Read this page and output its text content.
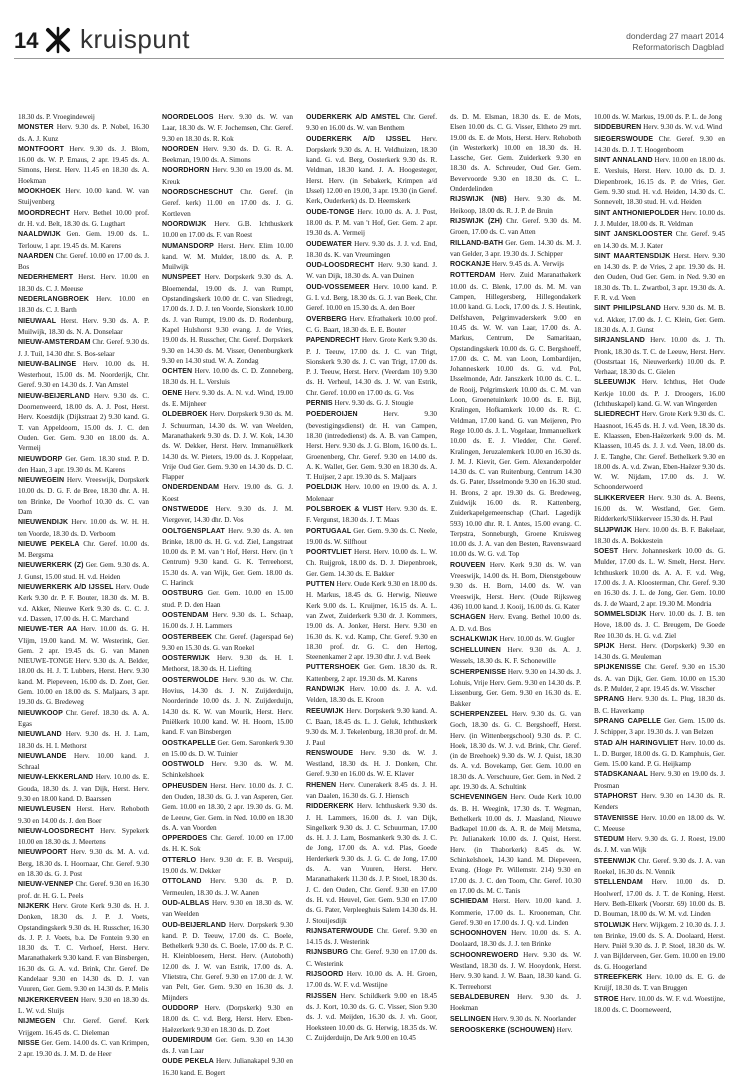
14 kruispunt	donderdag 27 maart 2014
Reformatorisch Dagblad

18.30 ds. P. Vroegindeweij

MONSTER Herv. 9.30 ds. P. Nobel, 16.30 ds. A. J. Kunz

MONTFOORT Herv. 9.30 ds. J. Blom, 16.00 ds. W. P. Emaus, 2 apr. 19.45 ds. A. Simons, Herst. Herv. 11.45 en 18.30 ds. A. Hoekman

MOOKHOEK Herv. 10.00 kand. W. van Stuijvenberg

MOORDRECHT Herv. Bethel 10.00 prof. dr. H. v.d. Belt, 18.30 ds. G. Lugthart

NAALDWIJK Gen. Gem. 19.00 ds. L. Terlouw, 1 apr. 19.45 ds. M. Karens

NAARDEN Chr. Geref. 10.00 en 17.00 ds. J. Bos

NEDERHEMERT Herst. Herv. 10.00 en 18.30 ds. C. J. Meeuse

NEDERLANGBROEK Herv. 10.00 en 18.30 ds. C. J. Barth

NIEUWAAL Herst. Herv. 9.30 ds. A. P. Muilwijk, 18.30 ds. N. A. Donselaar

NIEUW-AMSTERDAM Chr. Geref. 9.30 ds. J. J. Tuil, 14.30 dhr. S. Bos-selaar

NIEUW-BALINGE Herv. 10.00 ds. H. Westerhout, 15.00 ds. M. Noorderijk, Chr. Geref. 9.30 en 14.30 ds. J. Van Amstel

NIEUW-BEIJERLAND Herv. 9.30 ds. C. Doornenweerd, 18.00 ds. A. J. Post, Herst. Herv. Koestdijk (Dijkstraat 2) 9.30 kand. G. T. van Appeldoorn, 15.00 ds. J. C. den Ouden. Ger. Gem. 9.30 en 18.00 ds. A. Vermeij

NIEUWDORP Ger. Gem. 18.30 stud. P. D. den Haan, 3 apr. 19.30 ds. M. Karens

NIEUWEGEIN Herv. Vreeswijk, Dorpskerk 10.00 ds. D. G. F. de Bree, 18.30 dhr. A. H. ten Brinke, De Voorhof 10.30 ds. C. van Dam

NIEUWENDIJK Herv. 10.00 ds. W. H. H. ten Voorde, 18.30 ds. D. Verboom

NIEUWE PEKELA Chr. Geref. 10.00 ds. M. Bergsma

NIEUWERKERK (Z) Ger. Gem. 9.30 ds. A. J. Gunst, 15.00 stud. H. v.d. Heiden

NIEUWERKERK A/D IJSSEL Herv. Oude Kerk 9.30 dr. P. F. Bouter, 18.30 ds. M. B. v.d. Akker, Nieuwe Kerk 9.30 ds. C. C. J. v.d. Dassen, 17.00 ds. H. C. Marchand

NIEUWE-TER AA Herv. 10.00 ds. G. H. Vlijm, 19.00 kand. M. W. Westerink, Ger. Gem. 2 apr. 19.45 ds. G. van Manen NIEUWE-TONGE Herv. 9.30 ds. A. Belder, 18.00 ds. H. J. T. Lubbers, Herst. Herv. 9.30 kand. M. Piepeveen, 16.00 ds. D. Zoet, Ger. Gem. 10.00 en 18.00 ds. S. Maljaars, 3 apr. 19.30 ds. G. Bredeweg

NIEUWKOOP Chr. Geref. 18.30 ds. A. A. Egas

NIEUWLAND Herv. 9.30 ds. H. J. Lam, 18.30 ds. H. I. Methorst

NIEUWLANDE Herv. 10.00 kand. J. Schraal

NIEUW-LEKKERLAND Herv. 10.00 ds. E. Gouda, 18.30 ds. J. van Dijk, Herst. Herv. 9.30 en 18.00 kand. D. Baarssen

NIEUWLEUSEN Herst. Herv. Rehoboth 9.30 en 14.00 ds. J. den Boer

NIEUW-LOOSDRECHT Herv. Sypekerk 10.00 en 18.30 ds. J. Meertens

NIEUWPOORT Herv. 9.30 ds. M. A. v.d. Berg, 18.30 ds. I. Hoornaar, Chr. Geref. 9.30 en 18.30 ds. G. J. Post

NIEUW-VENNEP Chr. Geref. 9.30 en 16.30 prof. dr. H. G. L. Peels

NIJKERK Herv. Grote Kerk 9.30 ds. H. J. Donken, 18.30 ds. J. P. J. Voets, Opstandingskerk 9.30 ds. H. Russcher, 16.30 ds. J. P. J. Voets, b.a. De Fontein 9.30 en 18.30 ds. T. C. Verhoef, Herst. Herv. Maranathakerk 9.30 kand. F. van Binsbergen, 16.30 ds. G. A. v.d. Brink, Chr. Geref. De Kandelaar 9.30 en 14.30 ds. D. J. van Vuuren, Ger. Gem. 9.30 en 14.30 ds. P. Melis

NIJKERKERVEEN Herv. 9.30 en 18.30 ds. L. W. v.d. Sluijs

NIJMEGEN Chr. Geref. Geref. Kerk Vrijgem. 16.45 ds. C. Dieleman

NISSE Ger. Gem. 14.00 ds. C. van Krimpen, 2 apr. 19.30 ds. J. M. D. de Heer

NOORDELOOS Herv. 9.30 ds. W. van Laar, 18.30 ds. W. F. Jochemsen, Chr. Geref. 9.30 en 18.30 ds. R. Kok

NOORDEN Herv. 9.30 ds. D. G. R. A. Beekman, 19.00 ds. A. Simons

NOORDHORN Herv. 9.30 en 19.00 ds. M. Kreuk

NOORDSCHESCHUT Chr. Geref. (in Geref. kerk) 11.00 en 17.00 ds. J. G. Kortleven

NOORDWIJK Herv. G.B. Ichthuskerk 10.00 en 17.00 ds. F. van Roest

NUMANSDORP Herst. Herv. Elim 10.00 kand. W. M. Mulder, 18.00 ds. A. P. Muilwijk

NUNSPEET Herv. Dorpskerk 9.30 ds. A. Bloemendal, 19.00 ds. J. van Rumpt, Opstandingskerk 10.00 dr. C. van Sliedregt, 17.00 ds. J. D. J. ten Voorde, Sionskerk 10.00 ds. J. van Rumpt, 19.00 ds. D. Rodenburg, Kapel Hulshorst 9.30 evang. J. de Vries, 19.00 ds. H. Russcher, Chr. Geref. Dorpskerk 9.30 en 14.30 ds. M. Visser, Oenenburgkerk 9.30 en 14.30 stud. W. A. Zondag

OCHTEN Herv. 10.00 ds. C. D. Zonneberg, 18.30 ds. H. L. Versluis

OENE Herv. 9.30 ds. A. N. v.d. Wind, 19.00 ds. E. Mijnheer

OLDEBROEK Herv. Dorpskerk 9.30 ds. M. J. Schuurman, 14.30 ds. W. van Weelden, Maranathakerk 9.30 ds. D. J. W. Kok, 14.30 ds. W. Dekker, Herst. Herv. Immanuëlkerk 14.30 ds. W. Pieters, 19.00 ds. J. Koppelaar, Vrije Oud Ger. Gem. 9.30 en 14.30 ds. D. C. Flapper

ONDERDENDAM Herv. 19.00 ds. G. J. Koest

ONSTWEDDE Herv. 9.30 ds. J. M. Viergever, 14.30 dhr. D. Vos

OOLTGENSPLAAT Herv. 9.30 ds. A. ten Brinke, 18.00 ds. H. G. v.d. Ziel, Langstraat 10.00 ds. P. M. van 't Hof, Herst. Herv. (in 't Centrum) 9.30 kand. G. K. Terreehorst, 15.30 ds. A. van Wijk, Ger. Gem. 18.00 ds. C. Harinck

OOSTBURG Ger. Gem. 10.00 en 15.00 stud. P. D. den Haan

OOSTENDAM Herv. 9.30 ds. L. Schaap, 16.00 ds. J. H. Lammers

OOSTERBEEK Chr. Geref. (Jagerspad 6e) 9.30 en 15.30 ds. G. van Roekel

OOSTERWIJK Herv. 9.30 ds. H. I. Methorst, 18.30 ds. H. Liefting

OOSTERWOLDE Herv. 9.30 ds. W. Chr. Hovius, 14.30 ds. J. N. Zuijderduijn, Noorderinde 10.00 ds. J. N. Zuijderduijn, 14.30 ds. K. W. van Mourik, Herst. Herv. Pniëlkerk 10.00 kand. W. H. Hoorn, 15.00 kand. F. van Binsbergen

OOSTKAPELLE Ger. Gem. Saronkerk 9.30 en 15.00 ds. D. W. Tuinier

OOSTWOLD Herv. 9.30 ds. W. M. Schinkelshoek

OPHEUSDEN Herst. Herv. 10.00 ds. J. C. den Ouden, 18.30 ds. G. J. van Asperen, Ger. Gem. 10.00 en 18.30, 2 apr. 19.30 ds. G. M. de Leeuw, Ger. Gem. in Ned. 10.00 en 18.30 ds. A. van Voorden

OPPERDOES Chr. Geref. 10.00 en 17.00 ds. H. K. Sok

OTTERLO Herv. 9.30 dr. F. B. Verspuij, 19.00 ds. W. Dekker

OTTOLAND Herv. 9.30 ds. P. D. Vermeulen, 18.30 ds. J. W. Aanen

OUD-ALBLAS Herv. 9.30 en 18.30 ds. W. van Weelden

OUD-BEIJERLAND Herv. Dorpskerk 9.30 kand. P. D. Teeuw, 17.00 ds. C. Boele, Bethelkerk 9.30 ds. C. Boele, 17.00 ds. P. C. H. Kleinbloesem, Herst. Herv. (Autoboth) 12.00 ds. J. W. van Estrik, 17.00 ds. A. Vlietstra, Chr. Geref. 9.30 en 17.00 dr. J. W. van Pelt, Ger. Gem. 9.30 en 16.30 ds. J. Mijnders

OUDDORP Herv. (Dorpskerk) 9.30 en 18.00 ds. C. v.d. Berg, Herst. Herv. Eben-Haëzerkerk 9.30 en 18.30 ds. D. Zoet

OUDEMIRDUM Ger. Gem. 9.30 en 14.30 ds. J. van Laar

OUDE PEKELA Herv. Julianakapel 9.30 en 16.30 kand. E. Bogert

OUDERKERK A/D AMSTEL Chr. Geref. 9.30 en 16.00 ds. W. van Benthem

OUDERKERK A/D IJSSEL Herv. Dorpskerk 9.30 ds. A. H. Veldhuizen, 18.30 kand. G. v.d. Berg, Oosterkerk 9.30 ds. R. Veldman, 18.30 kand. J. A. Hoogesteger, Herst. Herv. (in Sebakerk, Krimpen a/d IJssel) 12.00 en 19.00, 3 apr. 19.30 (in Geref. Kerk, Ouderkerk) ds. D. Heemskerk

OUDE-TONGE Herv. 10.00 ds. A. J. Post, 18.00 ds. P. M. van 't Hof, Ger. Gem. 2 apr. 19.30 ds. A. Vermeij

OUDEWATER Herv. 9.30 ds. J. J. v.d. End, 18.30 ds. K. van Vreumingen

OUD-LOOSDRECHT Herv. 9.30 kand. J. W. van Dijk, 18.30 ds. A. van Duinen

OUD-VOSSEMEER Herv. 10.00 kand. P. G. I. v.d. Berg, 18.30 ds. G. J. van Beek, Chr. Geref. 10.00 en 15.30 ds. A. den Boer

OVERBERG Herv. Efrathakerk 10.00 prof. C. G. Baart, 18.30 ds. E. E. Bouter

PAPENDRECHT Herv. Grote Kerk 9.30 ds. P. J. Teeuw, 17.00 ds. J. C. van Trigt, Sionskerk 9.30 ds. J. C. van Trigt, 17.00 ds. P. J. Teeuw, Herst. Herv. (Veerdam 10) 9.30 ds. H. Verheul, 14.30 ds. J. W. van Estrik, Chr. Geref. 10.00 en 17.00 ds. G. Vos

PERNIS Herv. 9.30 ds. G. J. Stougie

POEDEROIJEN	Herv. 9.30 (bevestigingsdienst) dr. H. van Campen, 18.30 (intrededienst) ds. A. B. van Campen, Herst. Herv. 9.30 ds. J. G. Blom, 16.00 ds. L. Groenenberg, Chr. Geref. 9.30 en 14.00 ds. A. K. Wallet, Ger. Gem. 9.30 en 18.30 ds. A. T. Huijser, 2 apr. 19.30 ds. S. Maljaars

POELDIJK Herv. 10.00 en 19.00 ds. A. J. Molenaar

POLSBROEK & VLIST Herv. 9.30 ds. E. F. Vergunst, 18.30 ds. J. T. Maas

PORTUGAAL Ger. Gem. 9.30 ds. C. Neele, 19.00 ds. W. Silfhout

POORTVLIET Herst. Herv. 10.00 ds. L. W. Ch. Ruijgrok, 18.00 ds. D. J. Diepenbroek, Ger. Gem. 14.30 ds. E. Bakker

PUTTEN Herv. Oude Kerk 9.30 en 18.00 ds. H. Markus, 18.45 ds. G. Herwig, Nieuwe Kerk 9.00 ds. L. Kruijmer, 16.15 ds. A. L. van Zwet, Zuiderkerk 9.30 dr. J. Kommers, 19.00 ds. A. Jonker, Herst. Herv. 9.30 en 16.30 ds. K. v.d. Kamp, Chr. Geref. 9.30 en 18.30 prof. dr. G. C. den Hertog, Steenenkamer 2 apr. 19.30 dhr. J. v.d. Beek

PUTTERSHOEK Ger. Gem. 18.30 ds. R. Kattenberg, 2 apr. 19.30 ds. M. Karens

RANDWIJK Herv. 10.00 ds. J. A. v.d. Velden, 18.30 ds. E. Kroon

REEUWIJK Herv. Dorpskerk 9.30 kand. A. C. Baan, 18.45 ds. L. J. Geluk, Ichthuskerk 9.30 ds. M. J. Tekelenburg, 18.30 prof. dr. M. J. Paul

RENSWOUDE Herv. 9.30 ds. W. J. Westland, 18.30 ds. H. J. Donken, Chr. Geref. 9.30 en 16.00 ds. W. E. Klaver

RHENEN Herv. Cunerakerk 8.45 ds. J. H. van Daalen, 16.30 ds. G. J. Hiensch

RIDDERKERK Herv. Ichthuskerk 9.30 ds. J. H. Lammers, 16.00 ds. J. van Dijk, Singelkerk 9.30 ds. J. C. Schuurman, 17.00 ds. H. J. J. Lam, Bosmankerk 9.30 ds. J. C. de Jong, 17.00 ds. A. v.d. Plas, Goede Herderkerk 9.30 ds. J. G. C. de Jong, 17.00 ds. A. van Vuuren, Herst. Herv. Maranathakerk 11.30 ds. J. P. Stoel, 18.30 ds. J. C. den Ouden, Chr. Geref. 9.30 en 17.00 ds. H. v.d. Heuvel, Ger. Gem. 9.30 en 17.00 ds. G. Pater, Verpleeghuis Salem 14.30 ds. H. J. Stouijesdijk

RIJNSATERWOUDE Chr. Geref. 9.30 en 14.15 ds. J. Westerink

RIJNSBURG Chr. Geref. 9.30 en 17.00 ds. C. Westerink

RIJSOORD Herv. 10.00 ds. A. H. Groen, 17.00 ds. W. F. v.d. Westijne

RIJSSEN Herv. Schildkerk 9.00 en 18.45 ds. J. Kort, 10.30 ds. G. C. Visser, Sion 9.30 ds. J. v.d. Meijden, 16.30 ds. J. vh. Goor, Hoeksteen 10.00 ds. G. Herwig, 18.35 ds. W. C. Zuijderduijn, De Ark 9.00 en 10.45

ds. D. M. Elsman, 18.30 ds. E. de Mots, Elsen 10.00 ds. C. G. Visser, Eltheto 29 mrt. 19.00 ds. E. de Mots, Herst. Herv. Rehoboth (in Westerkerk) 10.00 en 18.30 ds. H. Lassche, Ger. Gem. Zuiderkerk 9.30 en 18.30 ds. A. Schreuder, Oud Ger. Gem. Bevervoorde 9.30 en 18.30 ds. C. L. Onderdelinden

RIJSWIJK (NB) Herv. 9.30 ds. M. Heikoop, 18.00 ds. R. J. P. de Bruin

RIJSWIJK (ZH) Chr. Geref. 9.30 ds. M. Groen, 17.00 ds. C. van Atten

RILLAND-BATH Ger. Gem. 14.30 ds. M. J. van Gelder, 3 apr. 19.30 ds. J. Schipper

ROCKANJE Herv. 9.45 ds. A. Verwijs

ROTTERDAM Herv. Zuid Maranathakerk 10.00 ds. C. Blenk, 17.00 ds. M. M. van Campen, Hillegersberg, Hillegondakerk 10.00 kand. G. Lock, 17.00 ds. J. S. Heutink, Delfshaven, Pelgrimvaderskerk 9.00 en 10.45 ds. W. W. van Laar, 17.00 ds. A. Markus, Centrum, De Samaritaan, Opstandingskerk 10.00 ds. G. C. Bergshoeff, 17.00 ds. C. M. van Loon, Lombardijen, Johanneskerk 10.00 ds. G. v.d. Pol, IJsselmonde, Adr. Janszkerk 10.00 ds. C. L. de Rooij, Pelgrimskerk 10.00 ds. C. M. van Loon, Groenetuinkerk 10.00 ds. E. Bijl, Kralingen, Hofkamkerk 10.00 ds. R. C. Veldman, 17.00 kand. G. van Meijeren, Pro Rege 10.00 ds. J. L. Vogelaar, Immanuelkerk 10.00 ds. E. J. Vledder, Chr. Geref. Kralingen, Jeruzalemkerk 10.00 en 16.30 ds. J. M. J. Kievit, Ger. Gem. Alexanderpolder 14.30 ds. C. van Ruitenburg, Centrum 14.30 ds. G. Pater, IJsselmonde 9.30 en 16.30 stud. H. Brons, 2 apr. 19.30 ds. G. Bredeweg, Zuidwijk 16.00 ds. R. Kattenberg, Zuiderkapelgemeenschap (Charl. Lagedijk 593) 10.00 dhr. R. I. Antes, 15.00 evang. C. Terpstra, Sonneburgh, Groene Kruisweg 10.00 ds. J. A. van den Besten, Ravenswaard 10.00 ds. W. G. v.d. Top

ROUVEEN Herv. Kerk 9.30 ds. W. van Vreeswijk, 14.00 ds. H. Born, Dienstgebouw 9.30 ds. H. Born, 14.00 ds. W. van Vreeswijk, Herst. Herv. (Oude Rijksweg 436) 10.00 kand. J. Kooij, 16.00 ds. G. Kater

SCHAGEN Herv. Evang. Bethel 10.00 ds. A. D. v.d. Bos

SCHALKWIJK Herv. 10.00 ds. W. Gugler

SCHELLUINEN Herv. 9.30 ds. A. J. Wessels, 18.30 ds. K. F. Schonewille

SCHERPENISSE Herv. 9.30 en 14.30 ds. J. Lohuis, Vrije Herv. Gem. 9.30 en 14.30 ds. P. Lissenburg, Ger. Gem. 9.30 en 16.30 ds. E. Bakker

SCHERPENZEEL Herv. 9.30 ds. G. van Goch, 18.30 ds. G. C. Bergshoeff, Herst. Herv. (in Wittenbergschool) 9.30 ds. P. C. Hoek, 18.30 ds. W. J. v.d. Brink, Chr. Geref. (in de Breehoek) 9.30 ds. W. J. Quist, 18.30 ds. A. v.d. Bovekamp, Ger. Gem. 10.00 en 18.30 ds. A. Verschuure, Ger. Gem. in Ned. 2 apr. 19.30 ds. A. Schultink

SCHEVENINGEN Herv. Oude Kerk 10.00 ds. B. H. Weegink, 17.30 ds. T. Wegman, Bethelkerk 10.00 ds. J. Maasland, Nieuwe Badkapel 10.00 ds. A. R. de Meij Metsma, Pr. Julianakerk 10.00 ds. J. Quist, Herst. Herv. (in Thaborkerk) 8.45 ds. W. Schinkelshoek, 14.30 kand. M. Diepeveen, Evang. (Hoge Pr. Willemstr. 214) 9.30 en 17.00 ds. J. C. den Toom, Chr. Geref. 10.30 en 17.00 ds. M. C. Tanis

SCHIEDAM Herst. Herv. 10.00 kand. J. Kommerie, 17.00 ds. L. Krooneman, Chr. Geref. 9.30 en 17.00 ds. J. Q. v.d. Linden

SCHOONHOVEN Herv. 10.00 ds. S. A. Doolaard, 18.30 ds. J. J. ten Brinke

SCHOONREWOERD Herv. 9.30 ds. W. Westland, 18.30 ds. J. W. Hooydonk, Herst. Herv. 9.30 kand. J. W. Baan, 18.30 kand. G. K. Terreehorst

SEBALDEBUREN Herv. 9.30 ds. J. Hoekman

SELLINGEN Herv. 9.30 ds. N. Noorlander

SEROOSKERKE (SCHOUWEN) Herv.

10.00 ds. W. Markus, 19.00 ds. P. L. de Jong

SIDDEBUREN Herv. 9.30 ds. W. v.d. Wind

SIEGERSWOUDE Chr. Geref. 9.30 en 14.30 ds. D. J. T. Hoogenboom

SINT ANNALAND Herv. 10.00 en 18.00 ds. E. Versluis, Herst. Herv. 10.00 ds. D. J. Diepenbroek, 16.15 ds. P. de Vries, Ger. Gem. 9.30 stud. H. v.d. Heiden, 14.30 ds. C. Sonnevelt, 18.30 stud. H. v.d. Heiden

SINT ANTHONIEPOLDER Herv. 10.00 ds. J. J. Mulder, 18.00 ds. R. Veldman

SINT JANSKLOOSTER Chr. Geref. 9.45 en 14.30 ds. M. J. Kater

SINT MAARTENSDIJK Herst. Herv. 9.30 en 14.30 ds. P. de Vries, 2 apr. 19.30 ds. H. den Ouden, Oud Ger. Gem. in Ned. 9.30 en 18.30 ds. Tb. L. Zwartbol, 3 apr. 19.30 ds. A. F. R. v.d. Veen

SINT PHILIPSLAND Herv. 9.30 ds. M. B. v.d. Akker, 17.00 ds. J. C. Klein, Ger. Gem. 18.30 ds. A. J. Gunst

SIRJANSLAND Herv. 10.00 ds. J. Th. Pronk, 18.30 ds. T. C. de Leeuw, Herst. Herv. (Oostsrtaat 16, Nieuwerkerk) 10.00 ds. P. Verhaar, 18.30 ds. C. Gielen

SLEEUWIJK Herv. Ichthus, Het Oude Kerkje 10.00 ds. P. J. Droogers, 16.00 (Ichthuskapel) kand. G. W. van Wingerden

SLIEDRECHT Herv. Grote Kerk 9.30 ds. C. Haasnoot, 16.45 ds. H. J. v.d. Veen, 18.30 ds. E. Klaassen, Eben-Haëzerkerk 9.00 ds. M. Klaassen, 10.45 ds. J. J. v.d. Veen, 18.00 ds. J. E. Tanghe, Chr. Geref. Bethelkerk 9.30 en 18.00 ds. A. v.d. Zwan, Eben-Haëzer 9.30 ds. W. W. Nijdam, 17.00 ds. J. W. Schoonderwoerd

SLIKKERVEER Herv. 9.30 ds. A. Beens, 16.00 ds. W. Westland, Ger. Gem. Ridderkerk/Slikkerveer 15.30 ds. H. Paul

SLIJPWIJK Herv. 10.00 ds. B. F. Bakelaar, 18.30 ds. A. Bokkestein

SOEST Herv. Johanneskerk 10.00 ds. G. Mulder, 17.00 ds. L. W. Smelt, Herst. Herv. Ichthuskerk 10.00 ds. A. A. F. v.d. Weg, 17.00 ds. J. A. Kloosterman, Chr. Geref. 9.30 en 16.30 ds. J. L. de Jong, Ger. Gem. 10.00 ds. J. de Waard, 2 apr. 19.30 M. Mondria

SOMMELSDIJK Herv. 10.00 ds. J. B. ten Hove, 18.00 ds. J. C. Breugem, De Goede Ree 10.30 ds. H. G. v.d. Ziel

SPIJK Herst. Herv. (Dorpskerk) 9.30 en 14.30 ds. G. Meuleman

SPIJKENISSE Chr. Geref. 9.30 en 15.30 ds. A. van Dijk, Ger. Gem. 10.00 en 15.30 ds. P. Mulder, 2 apr. 19.45 ds. W. Visscher

SPRANG Herv. 9.30 ds. L. Plug, 18.30 ds. B. C. Haverkamp

SPRANG CAPELLE Ger. Gem. 15.00 ds. J. Schipper, 3 apr. 19.30 ds. J. van Belzen

STAD A/H HARINGVLIET Herv. 10.00 ds. L. D. Burger, 18.00 ds. G. D. Kamphuis, Ger. Gem. 15.00 kand. P. G. Heijkamp

STADSKANAAL Herv. 9.30 en 19.00 ds. J. Prosman

STAPHORST Herv. 9.30 en 14.30 ds. R. Kenders

STAVENISSE Herv. 10.00 en 18.00 ds. W. C. Meeuse

STEDUM Herv. 9.30 ds. G. J. Roest, 19.00 ds. J. M. van Wijk

STEENWIJK Chr. Geref. 9.30 ds. J. A. van Roekel, 16.30 ds. N. Vennik

STELLENDAM Herv. 10.00 ds. D. Hoolwerf, 17.00 ds. J. T. de Koning, Herst. Herv. Beth-Elkerk (Voorstr. 69) 10.00 ds. B. D. Bouman, 18.00 ds. W. M. v.d. Linden

STOLWIJK Herv. Wijkgem. 2 10.30 ds. J. J. ten Brinke, 19.00 ds. S. A. Doolaard, Herst. Herv. Pniël 9.30 ds. J. P. Stoel, 18.30 ds. W. J. van Bijlderveen, Ger. Gem. 10.00 en 19.00 ds. G. Hoogerland

STREEFKERK Herv. 10.00 ds. E. G. de Kruijf, 18.30 ds. T. van Bruggen

STROE Herv. 10.00 ds. W. F. v.d. Woestijne, 18.00 ds. C. Doorneweerd,
